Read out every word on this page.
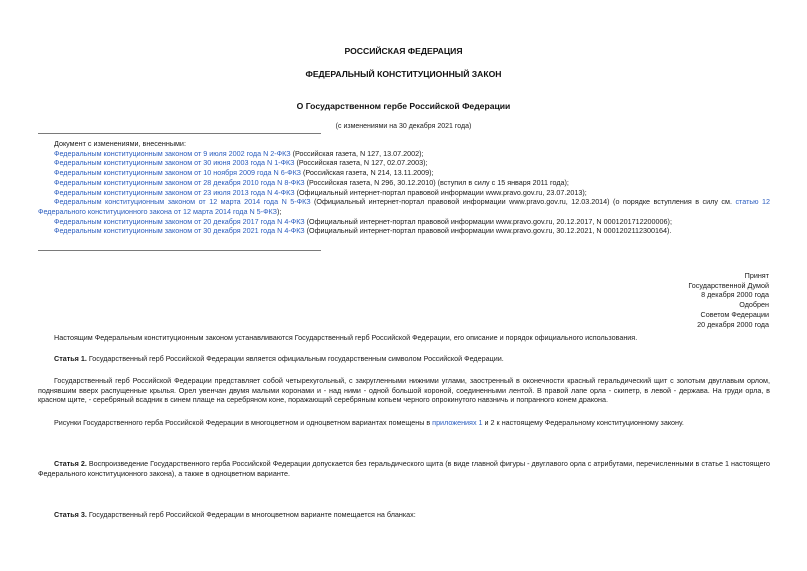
РОССИЙСКАЯ ФЕДЕРАЦИЯ
ФЕДЕРАЛЬНЫЙ КОНСТИТУЦИОННЫЙ ЗАКОН
О Государственном гербе Российской Федерации
(с изменениями на 30 декабря 2021 года)
Документ с изменениями, внесенными:
Федеральным конституционным законом от 9 июля 2002 года N 2-ФКЗ (Российская газета, N 127, 13.07.2002);
Федеральным конституционным законом от 30 июня 2003 года N 1-ФКЗ (Российская газета, N 127, 02.07.2003);
Федеральным конституционным законом от 10 ноября 2009 года N 6-ФКЗ (Российская газета, N 214, 13.11.2009);
Федеральным конституционным законом от 28 декабря 2010 года N 8-ФКЗ (Российская газета, N 296, 30.12.2010) (вступил в силу с 15 января 2011 года);
Федеральным конституционным законом от 23 июля 2013 года N 4-ФКЗ (Официальный интернет-портал правовой информации www.pravo.gov.ru, 23.07.2013);
Федеральным конституционным законом от 12 марта 2014 года N 5-ФКЗ (Официальный интернет-портал правовой информации www.pravo.gov.ru, 12.03.2014) (о порядке вступления в силу см. статью 12 Федерального конституционного закона от 12 марта 2014 года N 5-ФКЗ);
Федеральным конституционным законом от 20 декабря 2017 года N 4-ФКЗ (Официальный интернет-портал правовой информации www.pravo.gov.ru, 20.12.2017, N 0001201712200006);
Федеральным конституционным законом от 30 декабря 2021 года N 4-ФКЗ (Официальный интернет-портал правовой информации www.pravo.gov.ru, 30.12.2021, N 0001202112300164).
Принят
Государственной Думой
8 декабря 2000 года
Одобрен
Советом Федерации
20 декабря 2000 года
Настоящим Федеральным конституционным законом устанавливаются Государственный герб Российской Федерации, его описание и порядок официального использования.
Статья 1. Государственный герб Российской Федерации является официальным государственным символом Российской Федерации.
Государственный герб Российской Федерации представляет собой четырехугольный, с закругленными нижними углами, заостренный в оконечности красный геральдический щит с золотым двуглавым орлом, поднявшим вверх распущенные крылья. Орел увенчан двумя малыми коронами и - над ними - одной большой короной, соединенными лентой. В правой лапе орла - скипетр, в левой - держава. На груди орла, в красном щите, - серебряный всадник в синем плаще на серебряном коне, поражающий серебряным копьем черного опрокинутого навзничь и попранного конем дракона.
Рисунки Государственного герба Российской Федерации в многоцветном и одноцветном вариантах помещены в приложениях 1 и 2 к настоящему Федеральному конституционному закону.
Статья 2. Воспроизведение Государственного герба Российской Федерации допускается без геральдического щита (в виде главной фигуры - двуглавого орла с атрибутами, перечисленными в статье 1 настоящего Федерального конституционного закона), а также в одноцветном варианте.
Статья 3. Государственный герб Российской Федерации в многоцветном варианте помещается на бланках:
